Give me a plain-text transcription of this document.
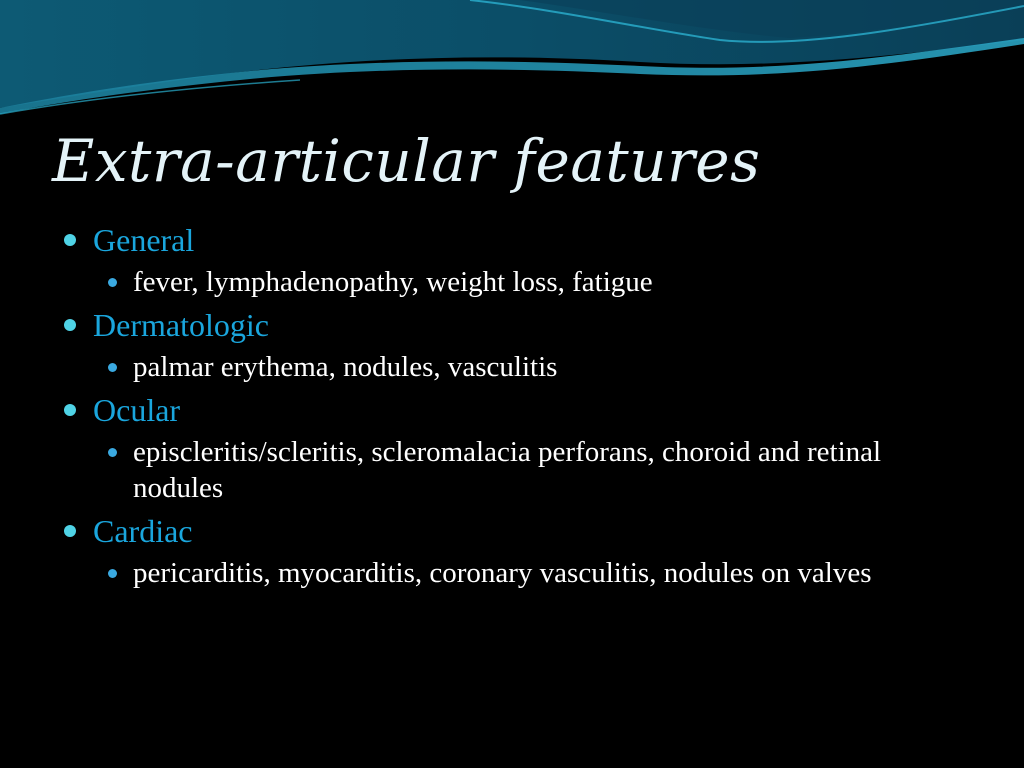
Extra-articular features
General
fever, lymphadenopathy, weight loss, fatigue
Dermatologic
palmar erythema, nodules, vasculitis
Ocular
episcleritis/scleritis, scleromalacia perforans, choroid and retinal nodules
Cardiac
pericarditis, myocarditis, coronary vasculitis, nodules on valves
